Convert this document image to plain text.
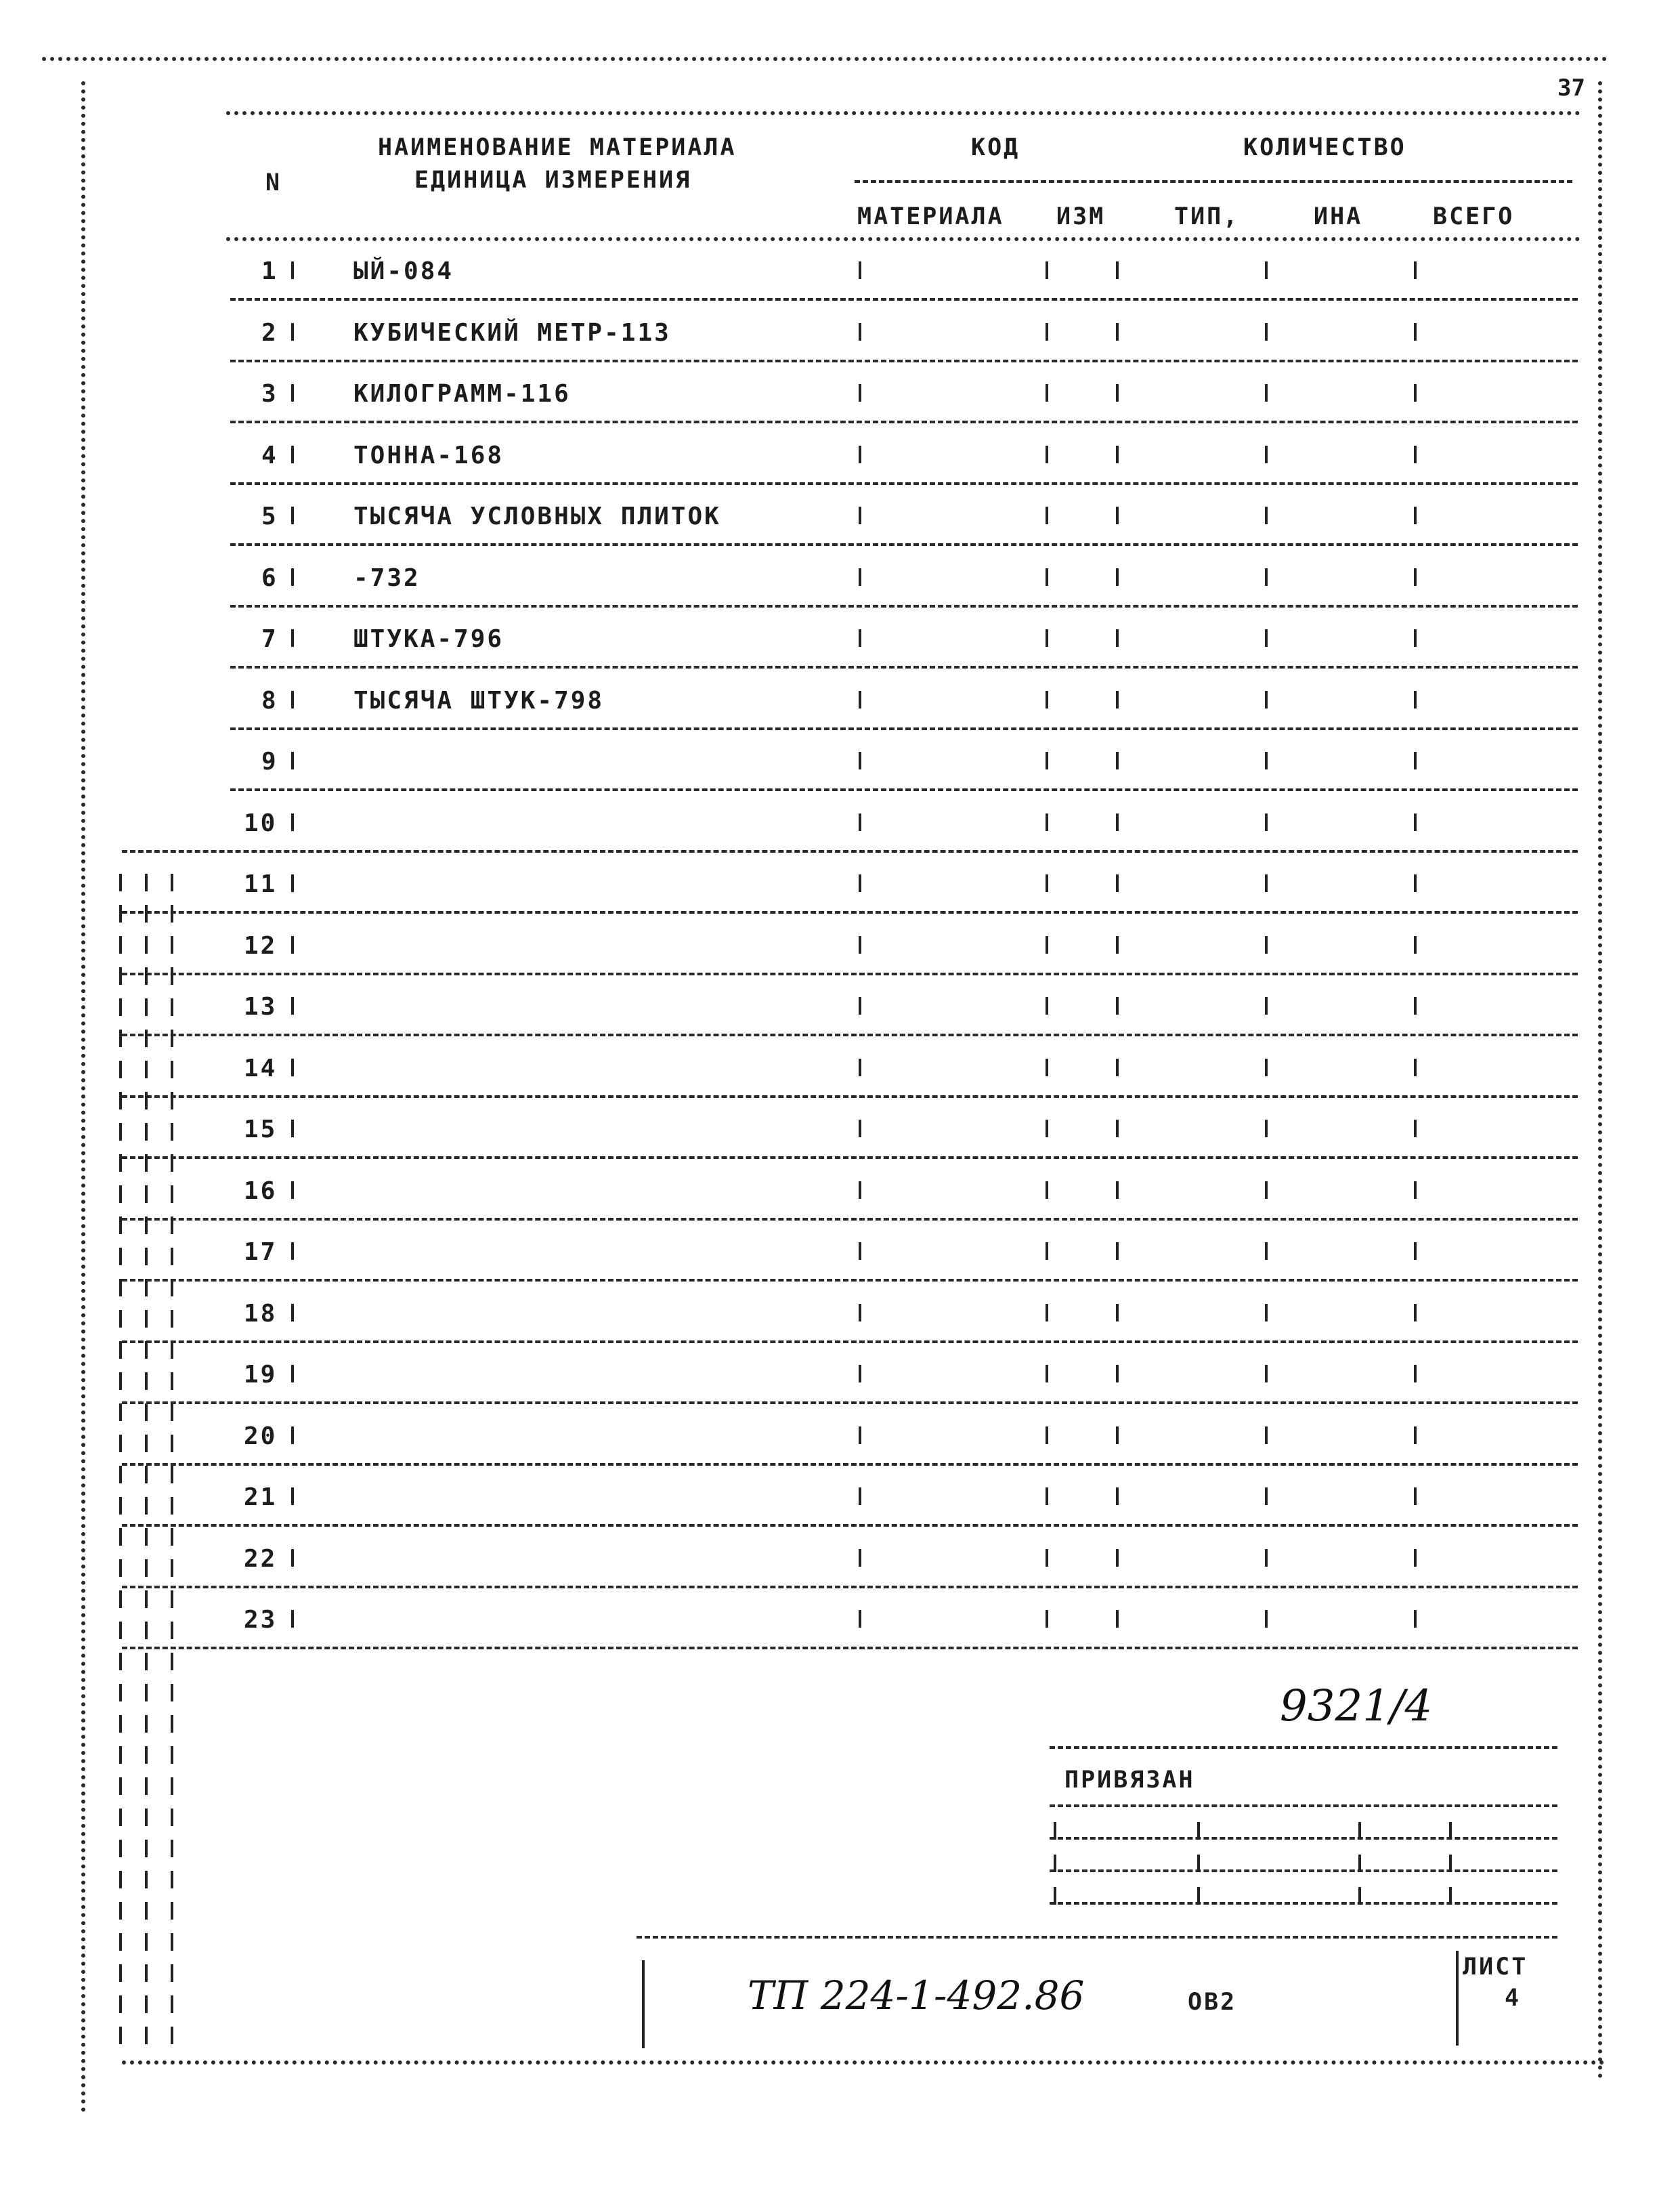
37
N
НАИМЕНОВАНИЕ МАТЕРИАЛА
ЕДИНИЦА ИЗМЕРЕНИЯ
КОД	КОЛИЧЕСТВО
МАТЕРИАЛА ИЗМ	ТИП,	ИНА	ВСЕГО
1	ЫЙ-084
2	КУБИЧЕСКИЙ МЕТР-113
3	КИЛОГРАММ-116
4	ТОННА-168
5	ТЫСЯЧА УСЛОВНЫХ ПЛИТОК
6	-732
7	ШТУКА-796
8	ТЫСЯЧА ШТУК-798
9
10
11
12
13
14
15
16
17
18
19
20
21
22
23
9321/4
ПРИВЯЗАН
ТП 224-1-492.86	ОВ2
ЛИСТ
4
